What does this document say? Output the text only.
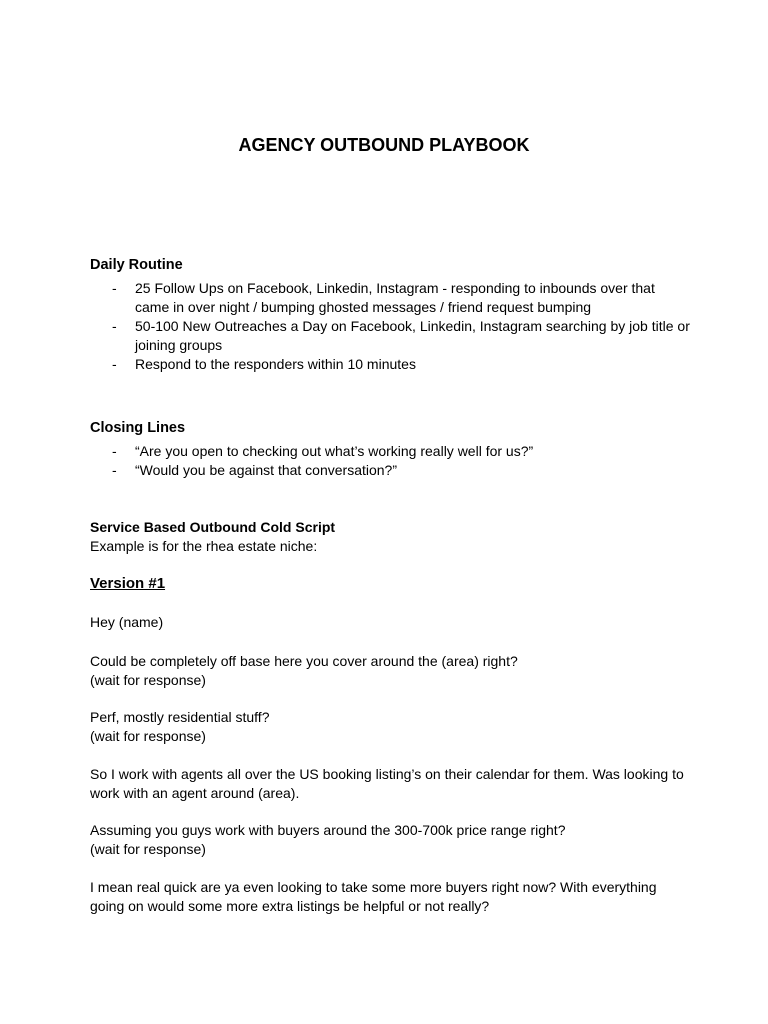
AGENCY OUTBOUND PLAYBOOK
Daily Routine
- 25 Follow Ups on Facebook, Linkedin, Instagram - responding to inbounds over that came in over night / bumping ghosted messages / friend request bumping
- 50-100 New Outreaches a Day on Facebook, Linkedin, Instagram searching by job title or joining groups
- Respond to the responders within 10 minutes
Closing Lines
- “Are you open to checking out what’s working really well for us?”
- “Would you be against that conversation?”
Service Based Outbound Cold Script
Example is for the rhea estate niche:
Version #1
Hey (name)
Could be completely off base here you cover around the (area) right?
(wait for response)
Perf, mostly residential stuff?
(wait for response)
So I work with agents all over the US booking listing’s on their calendar for them. Was looking to work with an agent around (area).
Assuming you guys work with buyers around the 300-700k price range right?
(wait for response)
I mean real quick are ya even looking to take some more buyers right now? With everything going on would some more extra listings be helpful or not really?
